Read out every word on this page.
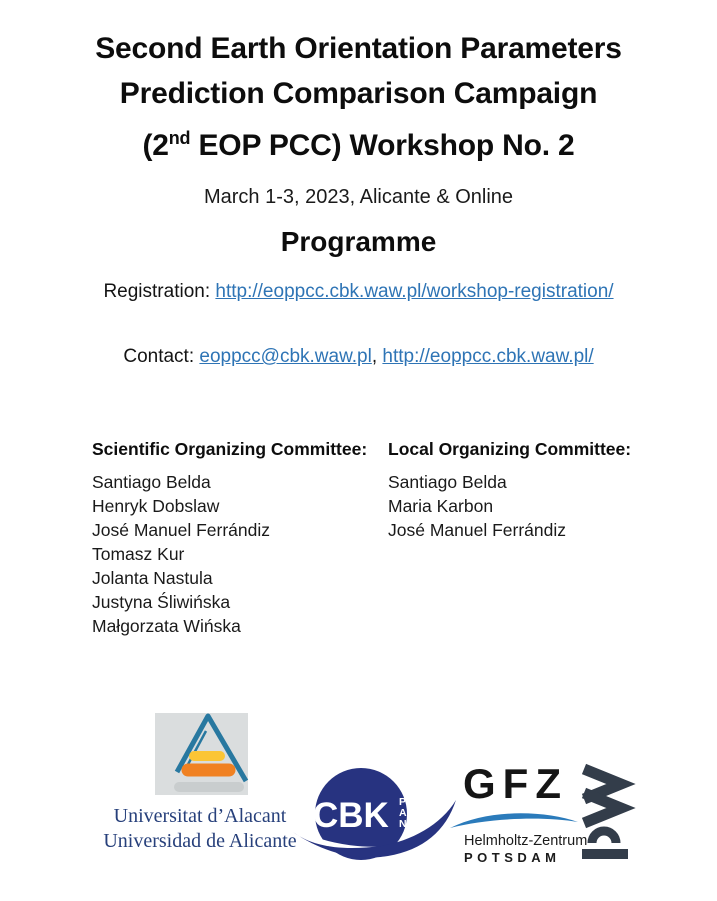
Second Earth Orientation Parameters
Prediction Comparison Campaign
(2nd EOP PCC) Workshop No. 2
March 1-3, 2023, Alicante & Online
Programme
Registration: http://eoppcc.cbk.waw.pl/workshop-registration/
Contact: eoppcc@cbk.waw.pl, http://eoppcc.cbk.waw.pl/
Scientific Organizing Committee:
Santiago Belda
Henryk Dobslaw
José Manuel Ferrándiz
Tomasz Kur
Jolanta Nastula
Justyna Śliwińska
Małgorzata Wińska
Local Organizing Committee:
Santiago Belda
Maria Karbon
José Manuel Ferrándiz
Universitat d’Alacant
Universidad de Alicante
CBK P
A
N
GFZ
Helmholtz-Zentrum
POTSDAM
